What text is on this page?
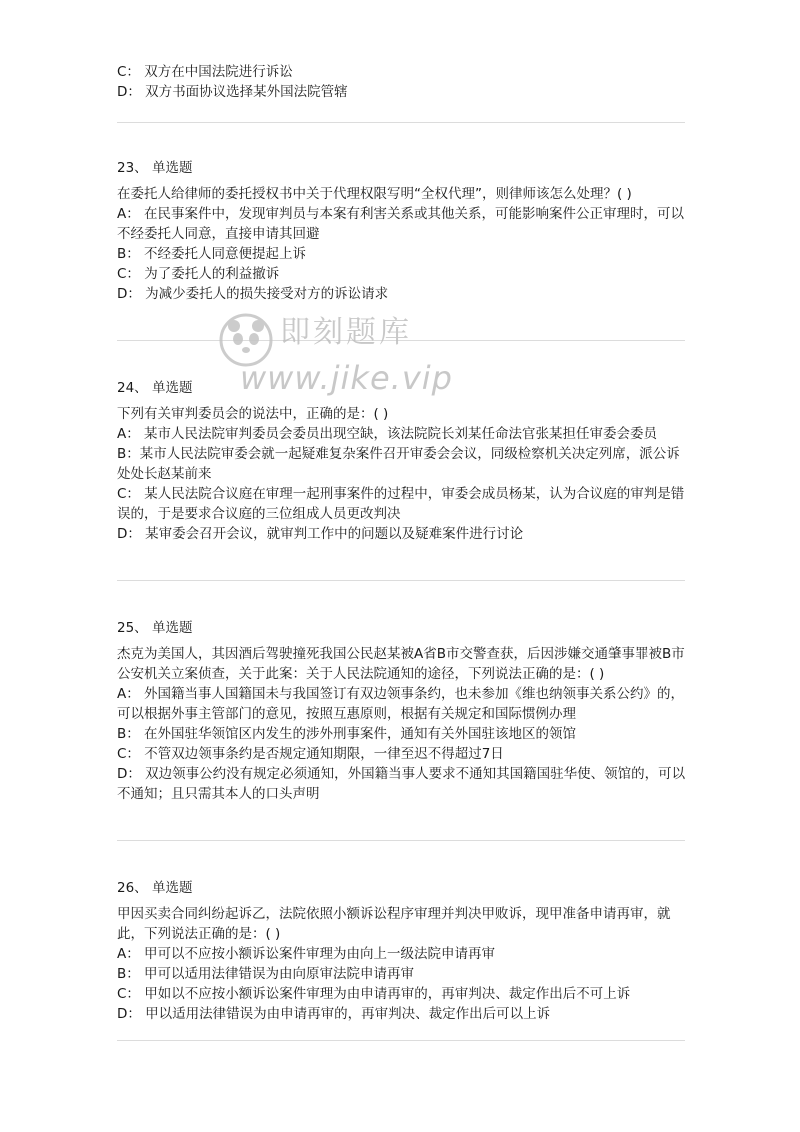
C： 双方在中国法院进行诉讼

D： 双方书面协议选择某外国法院管辖

23、 单选题

在委托人给律师的委托授权书中关于代理权限写明“全权代理”，则律师该怎么处理？( )

A： 在民事案件中，发现审判员与本案有利害关系或其他关系，可能影响案件公正审理时，可以不经委托人同意，直接申请其回避

B： 不经委托人同意便提起上诉

C： 为了委托人的利益撤诉

D： 为减少委托人的损失接受对方的诉讼请求

24、 单选题

下列有关审判委员会的说法中，正确的是：( )

A： 某市人民法院审判委员会委员出现空缺，该法院院长刘某任命法官张某担任审委会委员

B：某市人民法院审委会就一起疑难复杂案件召开审委会会议，同级检察机关决定列席，派公诉处处长赵某前来

C： 某人民法院合议庭在审理一起刑事案件的过程中，审委会成员杨某，认为合议庭的审判是错误的，于是要求合议庭的三位组成人员更改判决

D： 某审委会召开会议，就审判工作中的问题以及疑难案件进行讨论

25、 单选题

杰克为美国人，其因酒后驾驶撞死我国公民赵某被A省B市交警查获，后因涉嫌交通肇事罪被B市公安机关立案侦查，关于此案：关于人民法院通知的途径，下列说法正确的是：( )

A： 外国籍当事人国籍国未与我国签订有双边领事条约，也未参加《维也纳领事关系公约》的，可以根据外事主管部门的意见，按照互惠原则，根据有关规定和国际惯例办理

B： 在外国驻华领馆区内发生的涉外刑事案件，通知有关外国驻该地区的领馆

C： 不管双边领事条约是否规定通知期限，一律至迟不得超过7日

D： 双边领事公约没有规定必须通知，外国籍当事人要求不通知其国籍国驻华使、领馆的，可以不通知；且只需其本人的口头声明

26、 单选题

甲因买卖合同纠纷起诉乙，法院依照小额诉讼程序审理并判决甲败诉，现甲准备申请再审，就此，下列说法正确的是：( )

A： 甲可以不应按小额诉讼案件审理为由向上一级法院申请再审

B： 甲可以适用法律错误为由向原审法院申请再审

C： 甲如以不应按小额诉讼案件审理为由申请再审的，再审判决、裁定作出后不可上诉

D： 甲以适用法律错误为由申请再审的，再审判决、裁定作出后可以上诉

即刻题库
www.jike.vip
